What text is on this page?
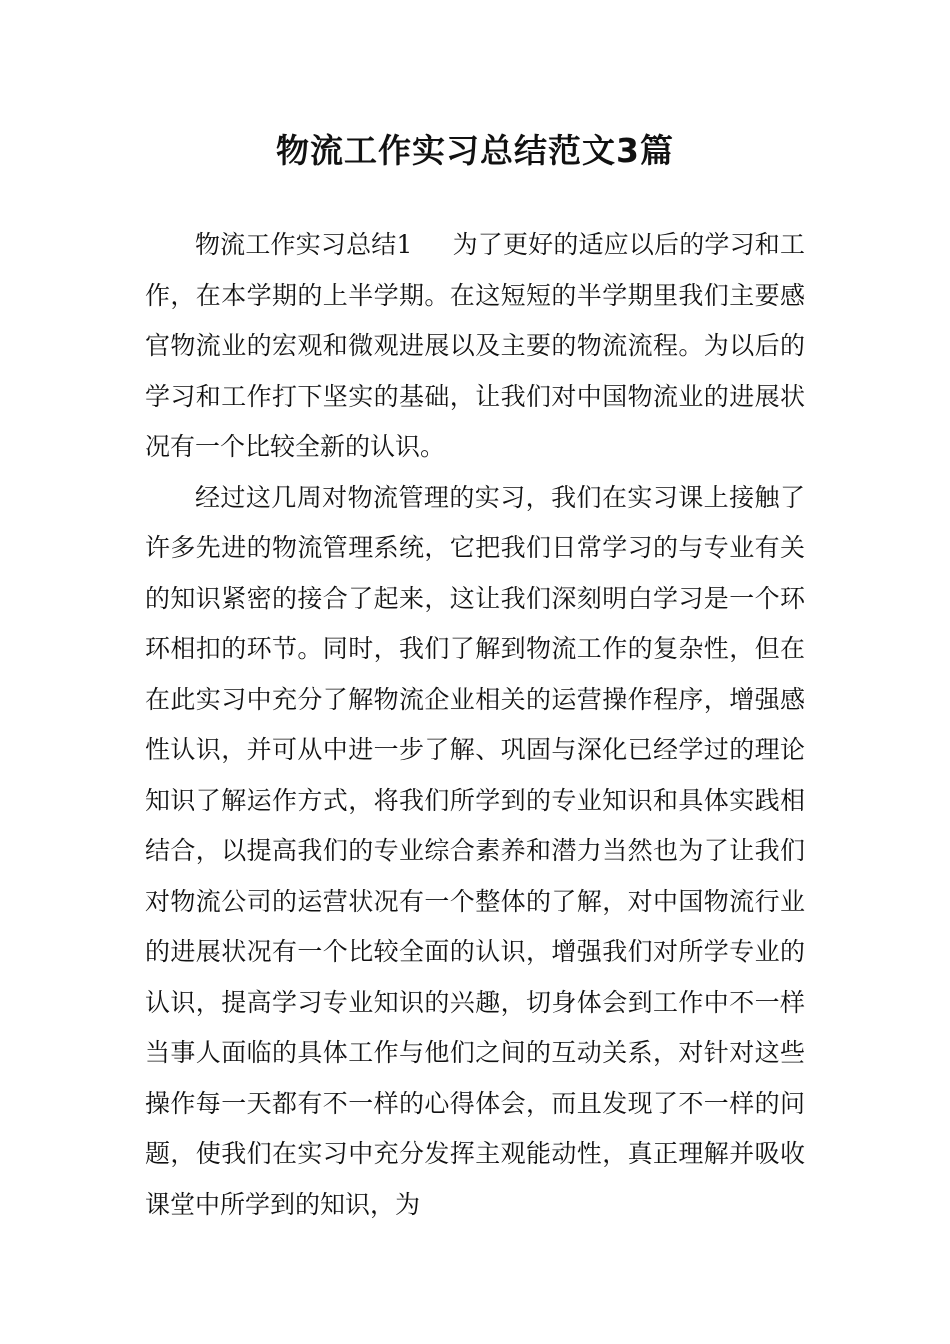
物流工作实习总结范文3篇

物流工作实习总结1 为了更好的适应以后的学习和工作，在本学期的上半学期。在这短短的半学期里我们主要感官物流业的宏观和微观进展以及主要的物流流程。为以后的学习和工作打下坚实的基础，让我们对中国物流业的进展状况有一个比较全新的认识。

经过这几周对物流管理的实习，我们在实习课上接触了许多先进的物流管理系统，它把我们日常学习的与专业有关的知识紧密的接合了起来，这让我们深刻明白学习是一个环环相扣的环节。同时，我们了解到物流工作的复杂性，但在在此实习中充分了解物流企业相关的运营操作程序，增强感性认识，并可从中进一步了解、巩固与深化已经学过的理论知识了解运作方式，将我们所学到的专业知识和具体实践相结合，以提高我们的专业综合素养和潜力当然也为了让我们对物流公司的运营状况有一个整体的了解，对中国物流行业的进展状况有一个比较全面的认识，增强我们对所学专业的认识，提高学习专业知识的兴趣，切身体会到工作中不一样当事人面临的具体工作与他们之间的互动关系，对针对这些操作每一天都有不一样的心得体会，而且发现了不一样的问题，使我们在实习中充分发挥主观能动性，真正理解并吸收课堂中所学到的知识，为
